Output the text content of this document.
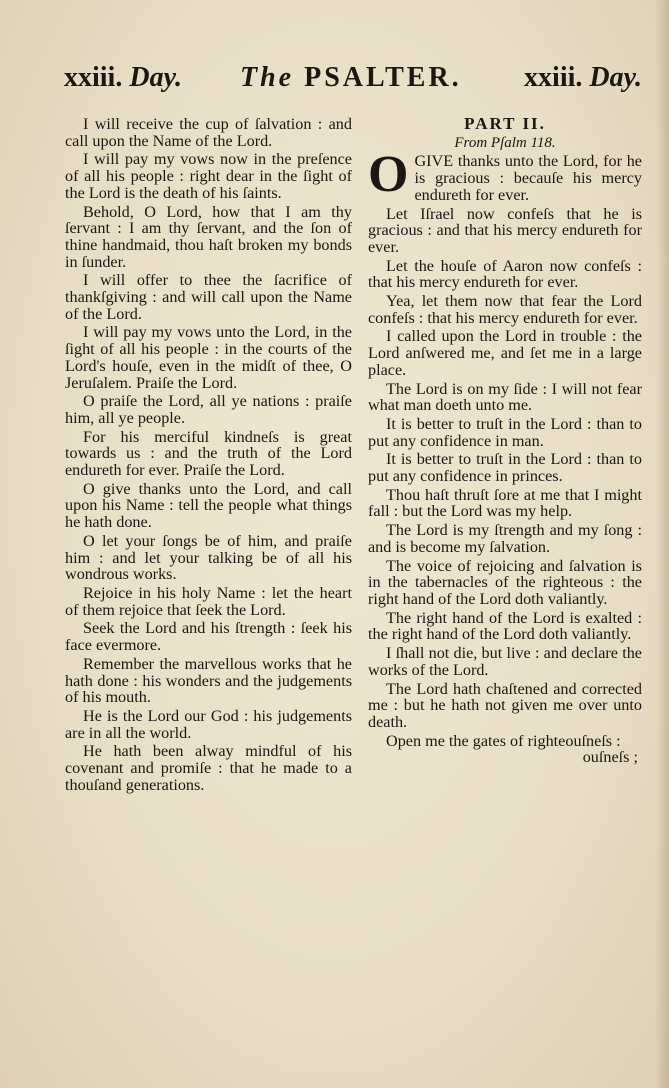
xxiii. Day. The PSALTER. xxiii. Day.

I will receive the cup of ſalvation : and call upon the Name of the Lord.

I will pay my vows now in the preſence of all his people : right dear in the ſight of the Lord is the death of his ſaints.

Behold, O Lord, how that I am thy ſervant : I am thy ſervant, and the ſon of thine handmaid, thou haſt broken my bonds in ſunder.

I will offer to thee the ſacrifice of thankſgiving : and will call upon the Name of the Lord.

I will pay my vows unto the Lord, in the ſight of all his people : in the courts of the Lord's houſe, even in the midſt of thee, O Jeruſalem. Praiſe the Lord.

O praiſe the Lord, all ye nations : praiſe him, all ye people.

For his merciful kindneſs is great towards us : and the truth of the Lord endureth for ever. Praiſe the Lord.

O give thanks unto the Lord, and call upon his Name : tell the people what things he hath done.

O let your ſongs be of him, and praiſe him : and let your talking be of all his wondrous works.

Rejoice in his holy Name : let the heart of them rejoice that ſeek the Lord.

Seek the Lord and his ſtrength : ſeek his face evermore.

Remember the marvellous works that he hath done : his wonders and the judgements of his mouth.

He is the Lord our God : his judgements are in all the world.

He hath been alway mindful of his covenant and promiſe : that he made to a thouſand generations.

PART II.

From Pſalm 118.

OGIVE thanks unto the Lord, for he is gracious : becauſe his mercy endureth for ever.

Let Iſrael now confeſs that he is gracious : and that his mercy endureth for ever.

Let the houſe of Aaron now confeſs : that his mercy endureth for ever.

Yea, let them now that fear the Lord confeſs : that his mercy endureth for ever.

I called upon the Lord in trouble : the Lord anſwered me, and ſet me in a large place.

The Lord is on my ſide : I will not fear what man doeth unto me.

It is better to truſt in the Lord : than to put any confidence in man.

It is better to truſt in the Lord : than to put any confidence in princes.

Thou haſt thruſt ſore at me that I might fall : but the Lord was my help.

The Lord is my ſtrength and my ſong : and is become my ſalvation.

The voice of rejoicing and ſalvation is in the tabernacles of the righteous : the right hand of the Lord doth valiantly.

The right hand of the Lord is exalted : the right hand of the Lord doth valiantly.

I ſhall not die, but live : and declare the works of the Lord.

The Lord hath chaſtened and corrected me : but he hath not given me over unto death.

Open me the gates of righteouſneſs :

ouſneſs ;
